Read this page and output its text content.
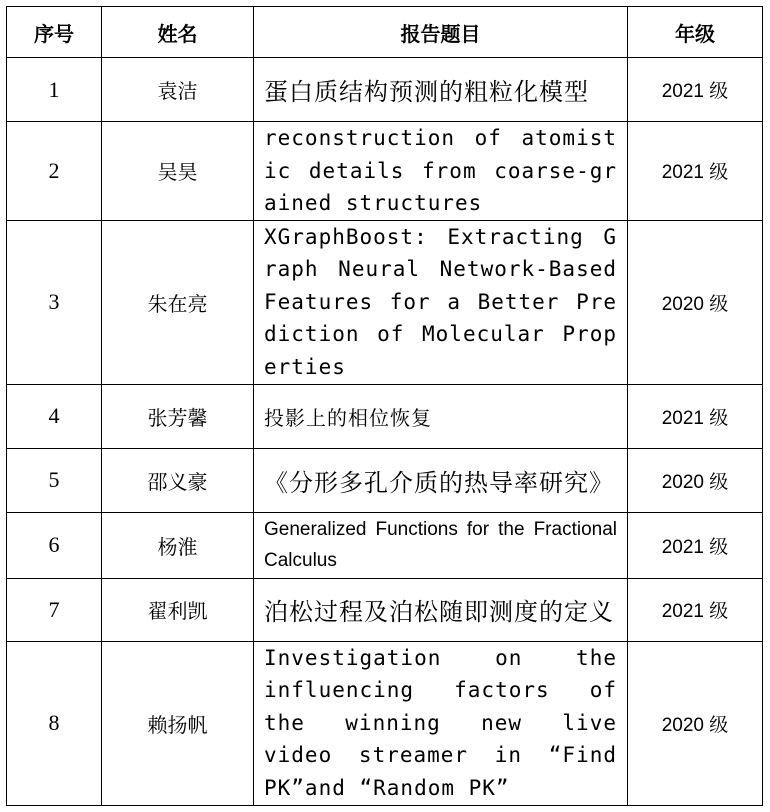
序号	姓名	报告题目	年级
1	袁洁	蛋白质结构预测的粗粒化模型	2021 级
2	吴昊	reconstruction of atomistic details from coarse-grained structures	2021 级
3	朱在亮	XGraphBoost: Extracting Graph Neural Network-Based Features for a Better Prediction of Molecular Properties	2020 级
4	张芳馨	投影上的相位恢复	2021 级
5	邵义豪	《分形多孔介质的热导率研究》	2020 级
6	杨淮	Generalized Functions for the Fractional Calculus	2021 级
7	翟利凯	泊松过程及泊松随即测度的定义	2021 级
8	赖扬帆	Investigation on the influencing factors of the winning new live video streamer in “Find PK”and “Random PK”	2020 级
